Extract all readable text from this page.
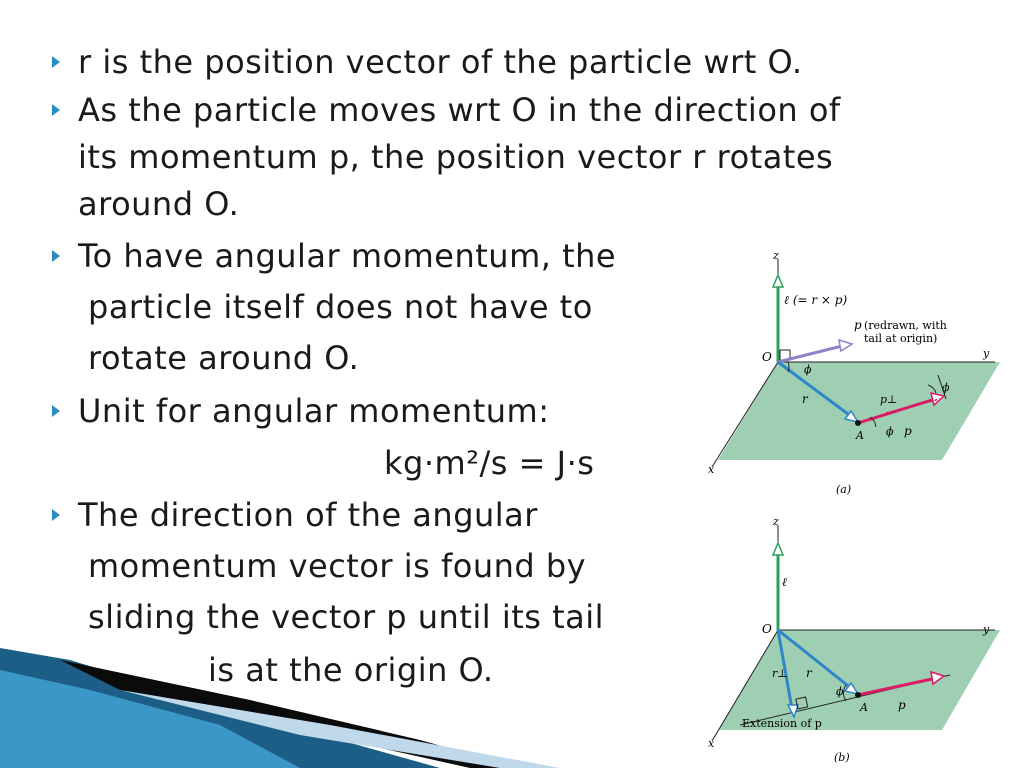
r is the position vector of the particle wrt O.
As the particle moves wrt O in the direction of
its momentum p, the position vector r rotates
around O.
To have angular momentum, the
particle itself does not have to
rotate around O.
Unit for angular momentum:
kg·m²/s = J·s
The direction of the angular
momentum vector is found by
sliding the vector p until its tail
is at the origin O.
z
y
x
O
ℓ (= r × p)
p (redrawn, with
tail at origin)
ϕ
r	p⊥
ϕ
A ϕ p
(a)
z
y
x
O
ℓ
r⊥ r
ϕ
A	p
Extension of p
(b)
